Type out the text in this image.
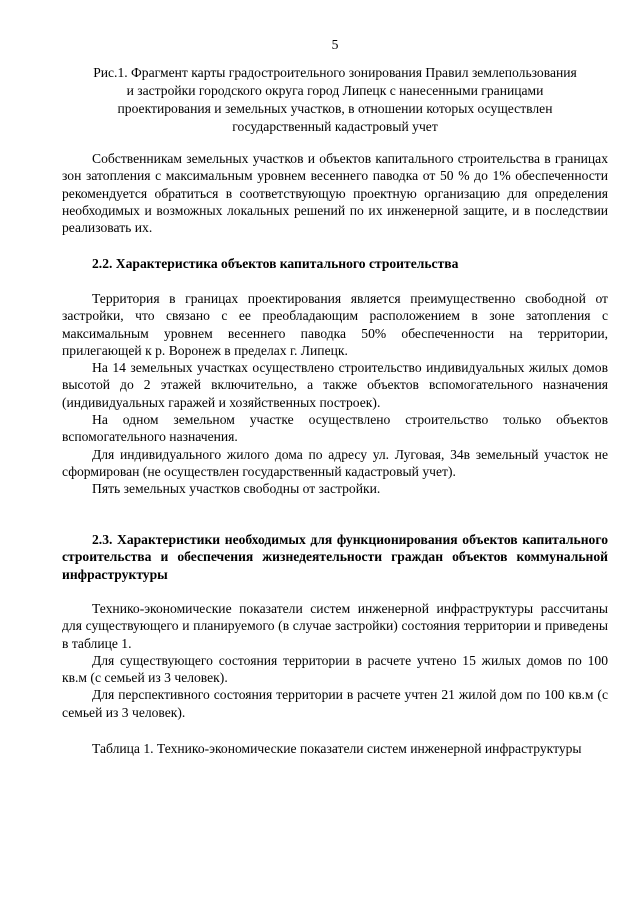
5
Рис.1. Фрагмент карты градостроительного зонирования Правил землепользования
и застройки городского округа город Липецк с нанесенными границами
проектирования и земельных участков, в отношении которых осуществлен
государственный кадастровый учет

Собственникам земельных участков и объектов капитального строительства в границах зон затопления с максимальным уровнем весеннего паводка от 50 % до 1% обеспеченности рекомендуется обратиться в соответствующую проектную организацию для определения необходимых и возможных локальных решений по их инженерной защите, и в последствии реализовать их.

2.2. Характеристика объектов капитального строительства

Территория в границах проектирования является преимущественно свободной от застройки, что связано с ее преобладающим расположением в зоне затопления с максимальным уровнем весеннего паводка 50% обеспеченности на территории, прилегающей к р. Воронеж в пределах г. Липецк.

На 14 земельных участках осуществлено строительство индивидуальных жилых домов высотой до 2 этажей включительно, а также объектов вспомогательного назначения (индивидуальных гаражей и хозяйственных построек).

На одном земельном участке осуществлено строительство только объектов вспомогательного назначения.

Для индивидуального жилого дома по адресу ул. Луговая, 34в земельный участок не сформирован (не осуществлен государственный кадастровый учет).

Пять земельных участков свободны от застройки.

2.3. Характеристики необходимых для функционирования объектов капитального строительства и обеспечения жизнедеятельности граждан объектов коммунальной инфраструктуры

Технико-экономические показатели систем инженерной инфраструктуры рассчитаны для существующего и планируемого (в случае застройки) состояния территории и приведены в таблице 1.

Для существующего состояния территории в расчете учтено 15 жилых домов по 100 кв.м (с семьей из 3 человек).

Для перспективного состояния территории в расчете учтен 21 жилой дом по 100 кв.м (с семьей из 3 человек).

Таблица 1. Технико-экономические показатели систем инженерной инфраструктуры
